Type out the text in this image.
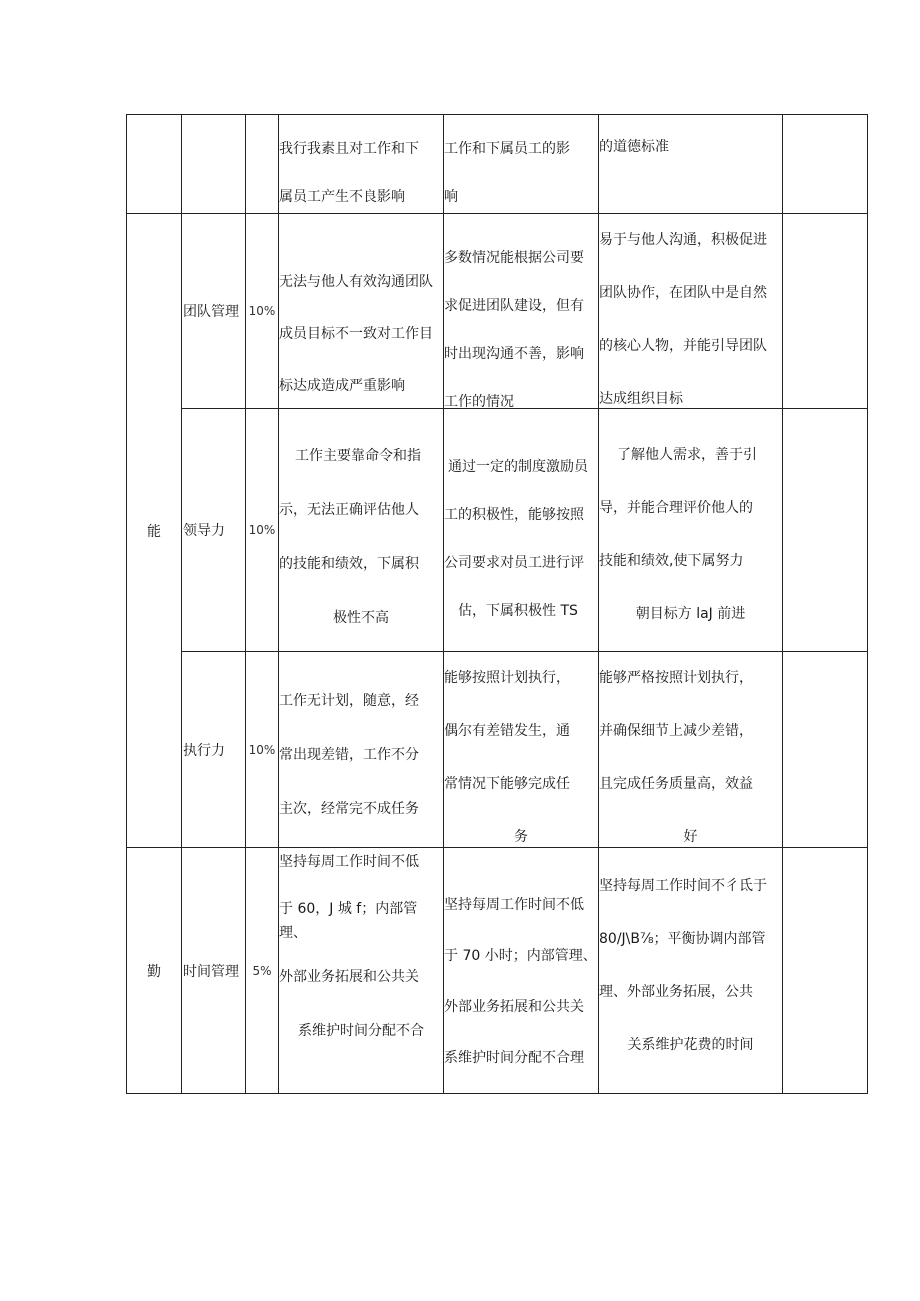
			我行我素且对工作和下
属员工产生不良影响	工作和下属员工的影
响	的道德标准	

能	团队管理	10%	无法与他人有效沟通团队
成员目标不一致对工作目
标达成造成严重影响	多数情况能根据公司要
求促进团队建设，但有
时出现沟通不善，影响
工作的情况	易于与他人沟通，积极促进
团队协作，在团队中是自然
的核心人物，并能引导团队
达成组织目标	

	领导力	10%	工作主要靠命令和指
示，无法正确评估他人
的技能和绩效，下属积
极性不高	通过一定的制度激励员
工的积极性，能够按照
公司要求对员工进行评
估，下属积极性 TS	了解他人需求，善于引
导，并能合理评价他人的
技能和绩效,使下属努力
朝目标方 laJ 前进	

	执行力	10%	工作无计划，随意，经
常出现差错，工作不分
主次，经常完不成任务	能够按照计划执行，
偶尔有差错发生，通
常情况下能够完成任
务	能够严格按照计划执行，
并确保细节上减少差错，
且完成任务质量高，效益
好	

勤	时间管理	5%	坚持每周工作时间不低
于 60，J 城 f；内部管
理、
外部业务拓展和公共关
系维护时间分配不合	坚持每周工作时间不低
于 70 小时；内部管理、
外部业务拓展和公共关
系维护时间分配不合理	坚持每周工作时间不彳氐于
80/J\B⅞；平衡协调内部管
理、外部业务拓展，公共
关系维护花费的时间	
